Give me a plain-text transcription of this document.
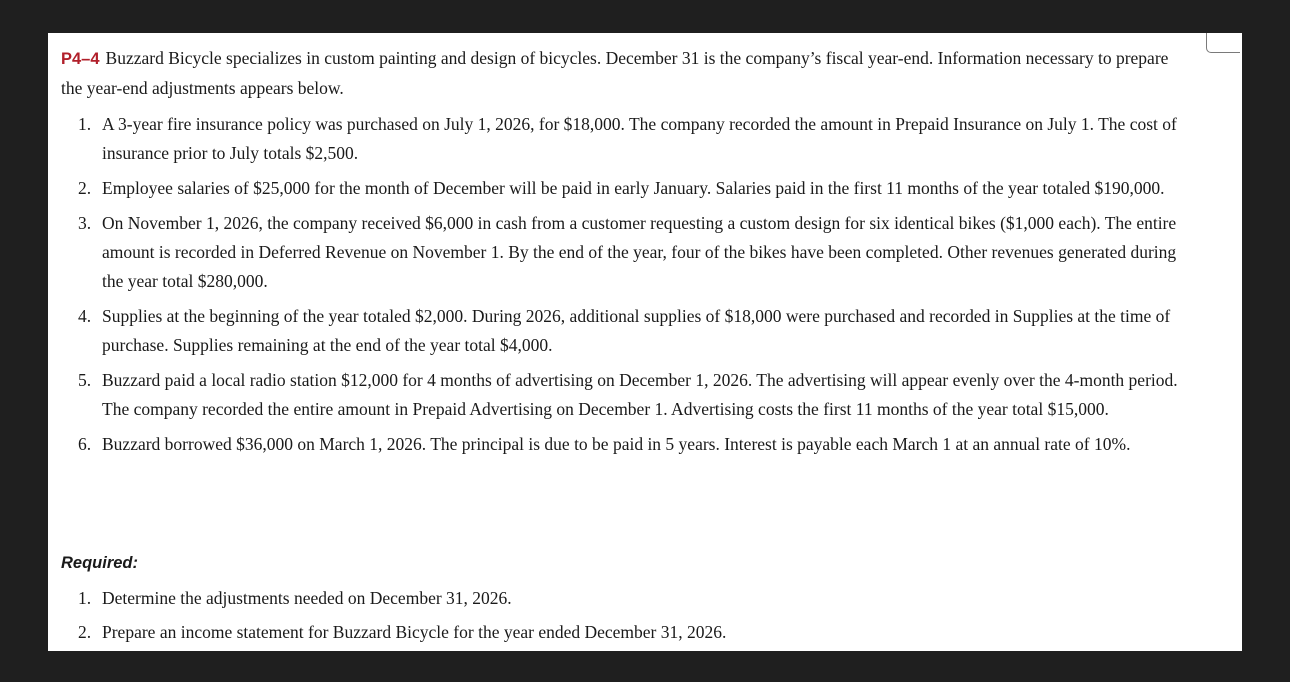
P4–4 Buzzard Bicycle specializes in custom painting and design of bicycles. December 31 is the company’s fiscal year-end. Information necessary to prepare the year-end adjustments appears below.

1. A 3-year fire insurance policy was purchased on July 1, 2026, for $18,000. The company recorded the amount in Prepaid Insurance on July 1. The cost of insurance prior to July totals $2,500.
2. Employee salaries of $25,000 for the month of December will be paid in early January. Salaries paid in the first 11 months of the year totaled $190,000.
3. On November 1, 2026, the company received $6,000 in cash from a customer requesting a custom design for six identical bikes ($1,000 each). The entire amount is recorded in Deferred Revenue on November 1. By the end of the year, four of the bikes have been completed. Other revenues generated during the year total $280,000.
4. Supplies at the beginning of the year totaled $2,000. During 2026, additional supplies of $18,000 were purchased and recorded in Supplies at the time of purchase. Supplies remaining at the end of the year total $4,000.
5. Buzzard paid a local radio station $12,000 for 4 months of advertising on December 1, 2026. The advertising will appear evenly over the 4-month period. The company recorded the entire amount in Prepaid Advertising on December 1. Advertising costs the first 11 months of the year total $15,000.
6. Buzzard borrowed $36,000 on March 1, 2026. The principal is due to be paid in 5 years. Interest is payable each March 1 at an annual rate of 10%.

Required:

1. Determine the adjustments needed on December 31, 2026.
2. Prepare an income statement for Buzzard Bicycle for the year ended December 31, 2026.
